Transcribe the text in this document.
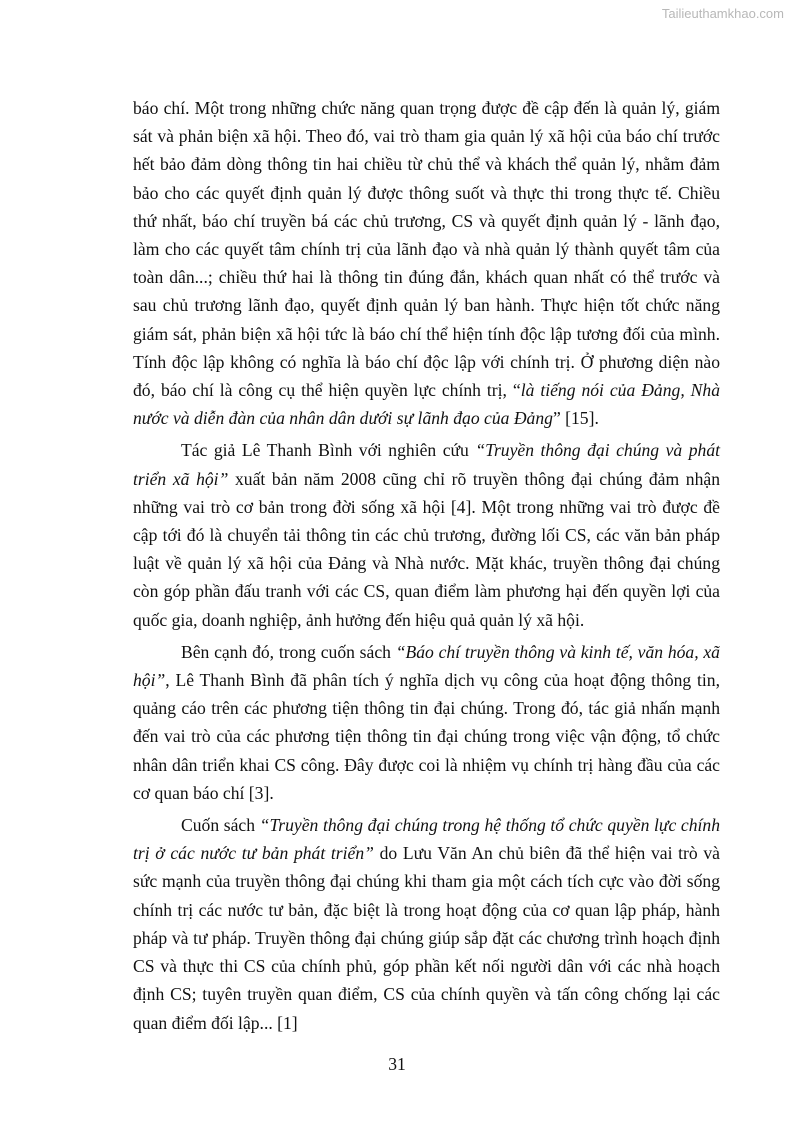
Tailieuthamkhao.com

báo chí. Một trong những chức năng quan trọng được đề cập đến là quản lý, giám sát và phản biện xã hội. Theo đó, vai trò tham gia quản lý xã hội của báo chí trước hết bảo đảm dòng thông tin hai chiều từ chủ thể và khách thể quản lý, nhằm đảm bảo cho các quyết định quản lý được thông suốt và thực thi trong thực tế. Chiều thứ nhất, báo chí truyền bá các chủ trương, CS và quyết định quản lý - lãnh đạo, làm cho các quyết tâm chính trị của lãnh đạo và nhà quản lý thành quyết tâm của toàn dân...; chiều thứ hai là thông tin đúng đắn, khách quan nhất có thể trước và sau chủ trương lãnh đạo, quyết định quản lý ban hành. Thực hiện tốt chức năng giám sát, phản biện xã hội tức là báo chí thể hiện tính độc lập tương đối của mình. Tính độc lập không có nghĩa là báo chí độc lập với chính trị. Ở phương diện nào đó, báo chí là công cụ thể hiện quyền lực chính trị, “là tiếng nói của Đảng, Nhà nước và diễn đàn của nhân dân dưới sự lãnh đạo của Đảng” [15].

Tác giả Lê Thanh Bình với nghiên cứu “Truyền thông đại chúng và phát triển xã hội” xuất bản năm 2008 cũng chỉ rõ truyền thông đại chúng đảm nhận những vai trò cơ bản trong đời sống xã hội [4]. Một trong những vai trò được đề cập tới đó là chuyển tải thông tin các chủ trương, đường lối CS, các văn bản pháp luật về quản lý xã hội của Đảng và Nhà nước. Mặt khác, truyền thông đại chúng còn góp phần đấu tranh với các CS, quan điểm làm phương hại đến quyền lợi của quốc gia, doanh nghiệp, ảnh hưởng đến hiệu quả quản lý xã hội.

Bên cạnh đó, trong cuốn sách “Báo chí truyền thông và kinh tế, văn hóa, xã hội”, Lê Thanh Bình đã phân tích ý nghĩa dịch vụ công của hoạt động thông tin, quảng cáo trên các phương tiện thông tin đại chúng. Trong đó, tác giả nhấn mạnh đến vai trò của các phương tiện thông tin đại chúng trong việc vận động, tổ chức nhân dân triển khai CS công. Đây được coi là nhiệm vụ chính trị hàng đầu của các cơ quan báo chí [3].

Cuốn sách “Truyền thông đại chúng trong hệ thống tổ chức quyền lực chính trị ở các nước tư bản phát triển” do Lưu Văn An chủ biên đã thể hiện vai trò và sức mạnh của truyền thông đại chúng khi tham gia một cách tích cực vào đời sống chính trị các nước tư bản, đặc biệt là trong hoạt động của cơ quan lập pháp, hành pháp và tư pháp. Truyền thông đại chúng giúp sắp đặt các chương trình hoạch định CS và thực thi CS của chính phủ, góp phần kết nối người dân với các nhà hoạch định CS; tuyên truyền quan điểm, CS của chính quyền và tấn công chống lại các quan điểm đối lập... [1]

31
